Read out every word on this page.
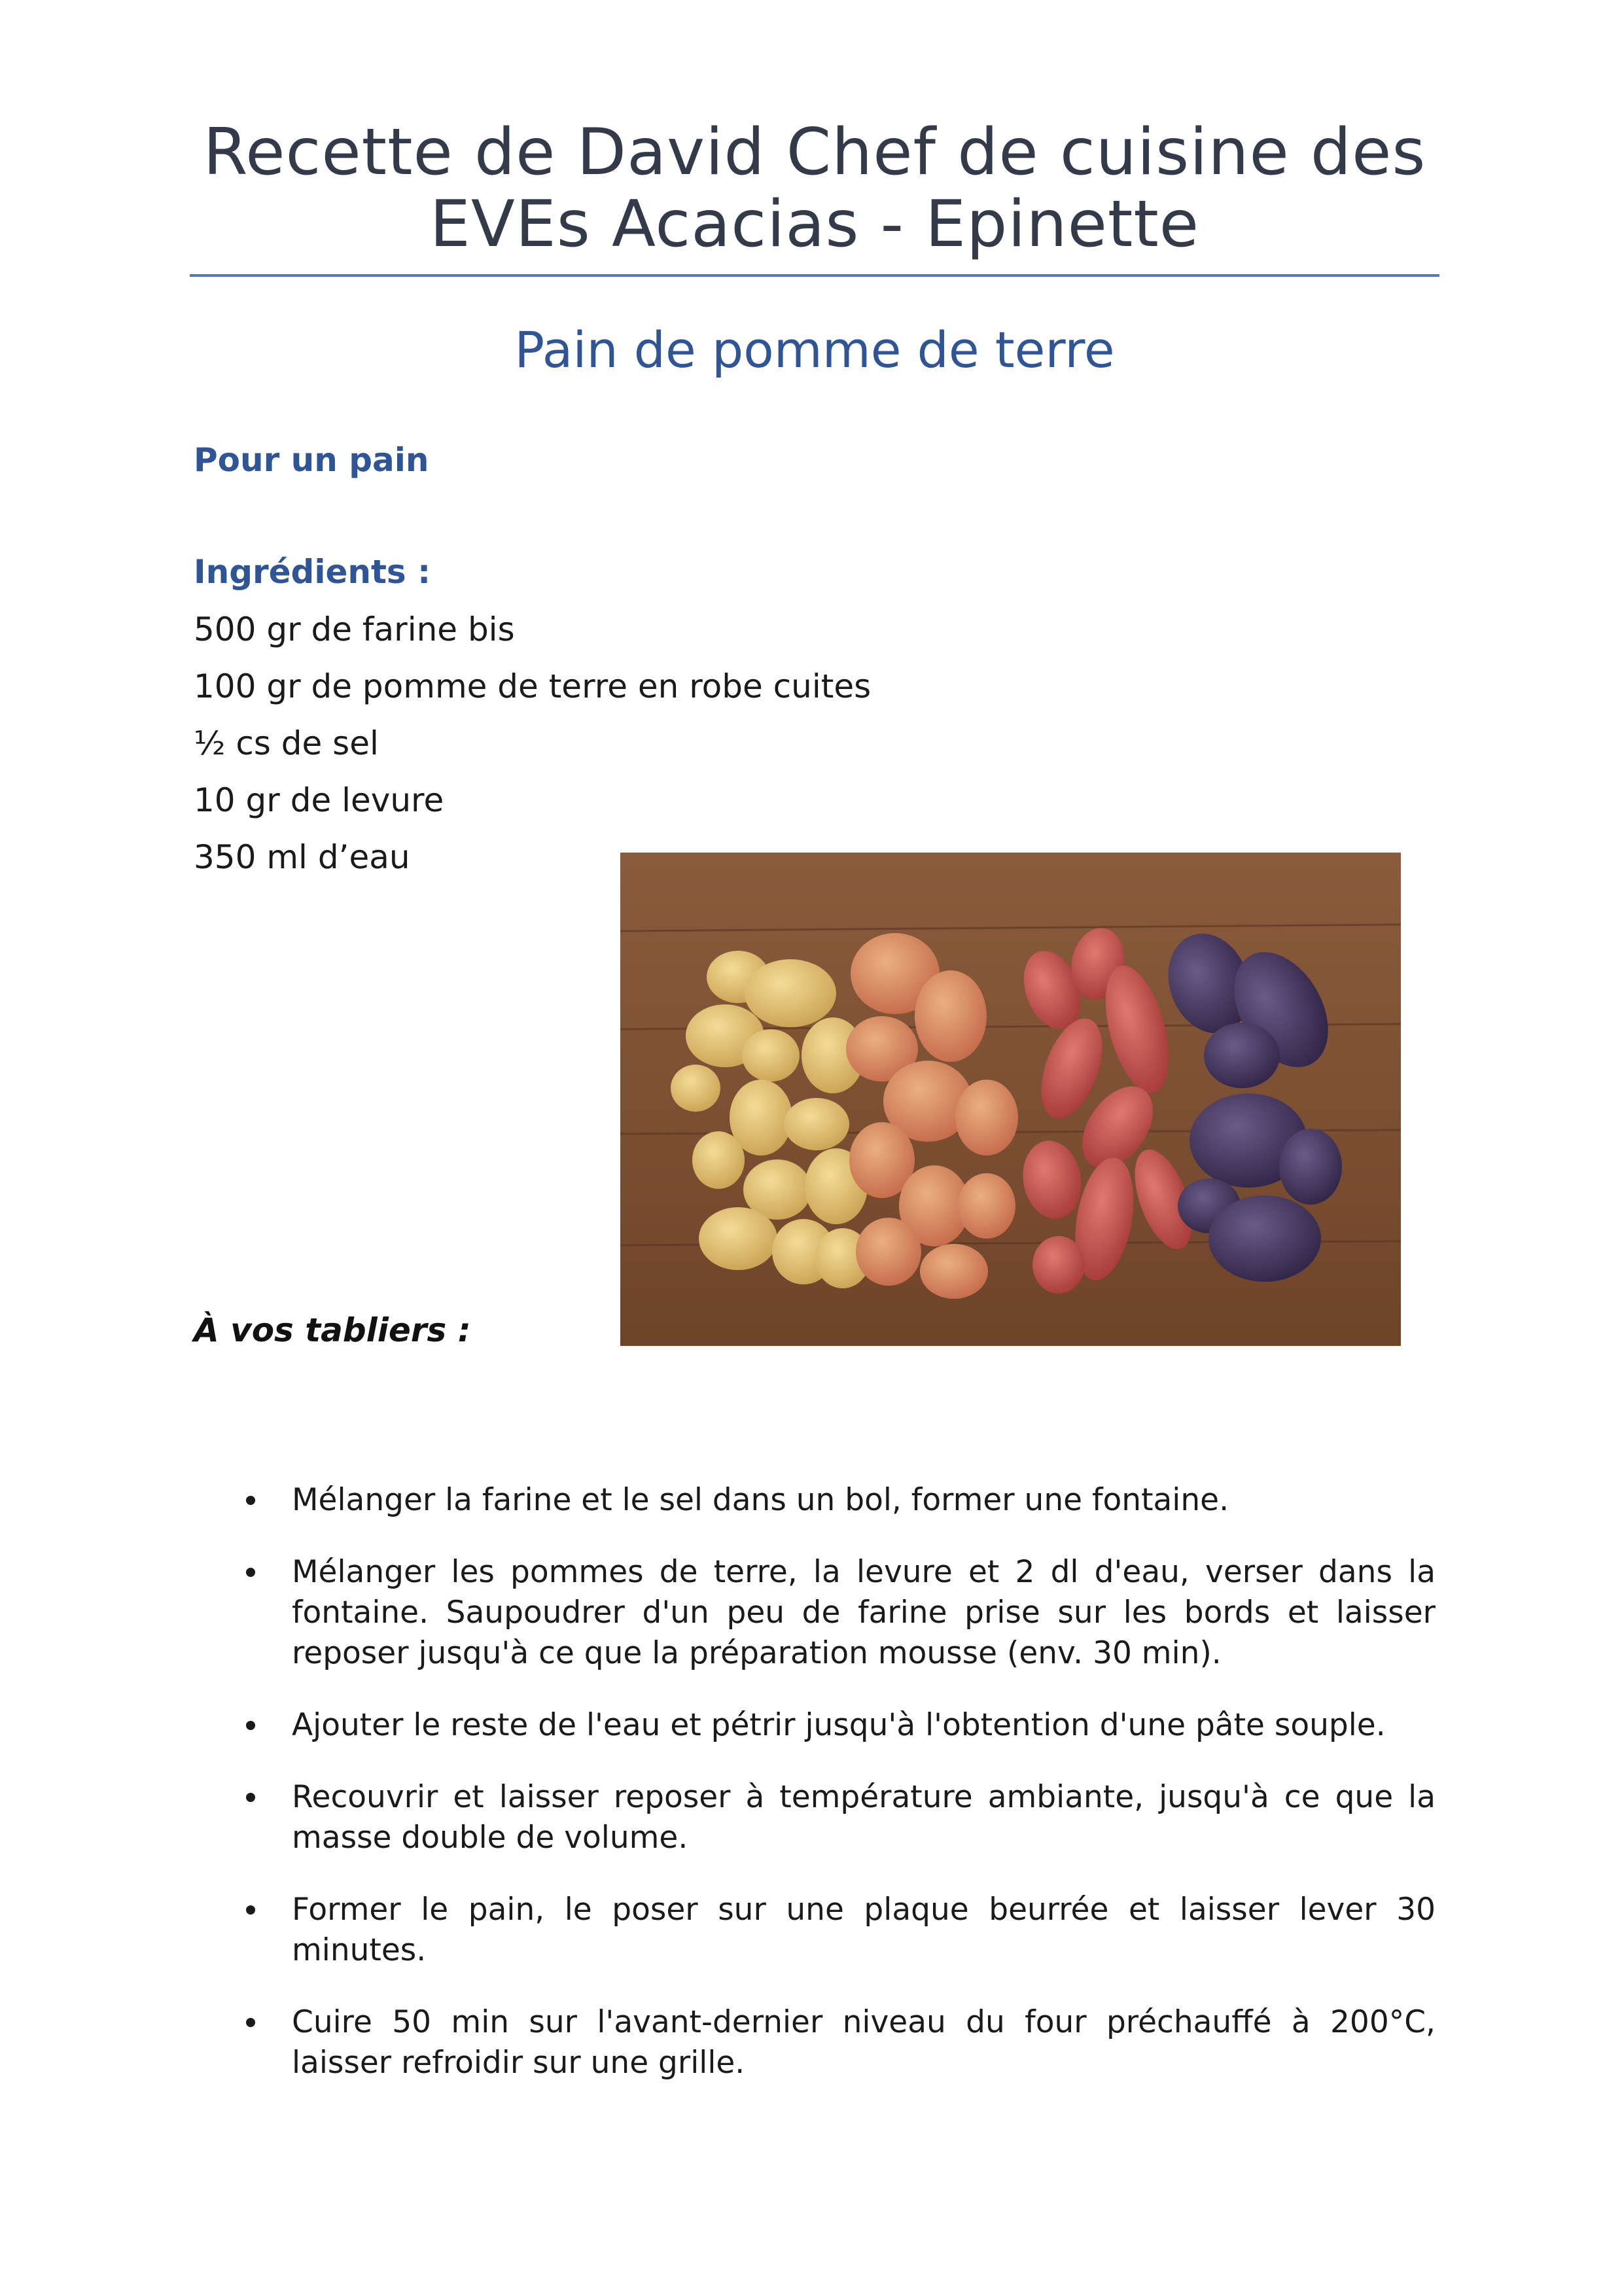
Recette de David Chef de cuisine des
EVEs Acacias - Epinette
Pain de pomme de terre

Pour un pain

Ingrédients :

500 gr de farine bis
100 gr de pomme de terre en robe cuites
½ cs de sel
10 gr de levure
350 ml d’eau

À vos tabliers :

Mélanger la farine et le sel dans un bol, former une fontaine.
Mélanger les pommes de terre, la levure et 2 dl d'eau, verser dans la fontaine. Saupoudrer d'un peu de farine prise sur les bords et laisser reposer jusqu'à ce que la préparation mousse (env. 30 min).
Ajouter le reste de l'eau et pétrir jusqu'à l'obtention d'une pâte souple.
Recouvrir et laisser reposer à température ambiante, jusqu'à ce que la masse double de volume.
Former le pain, le poser sur une plaque beurrée et laisser lever 30 minutes.
Cuire 50 min sur l'avant-dernier niveau du four préchauffé à 200°C, laisser refroidir sur une grille.
